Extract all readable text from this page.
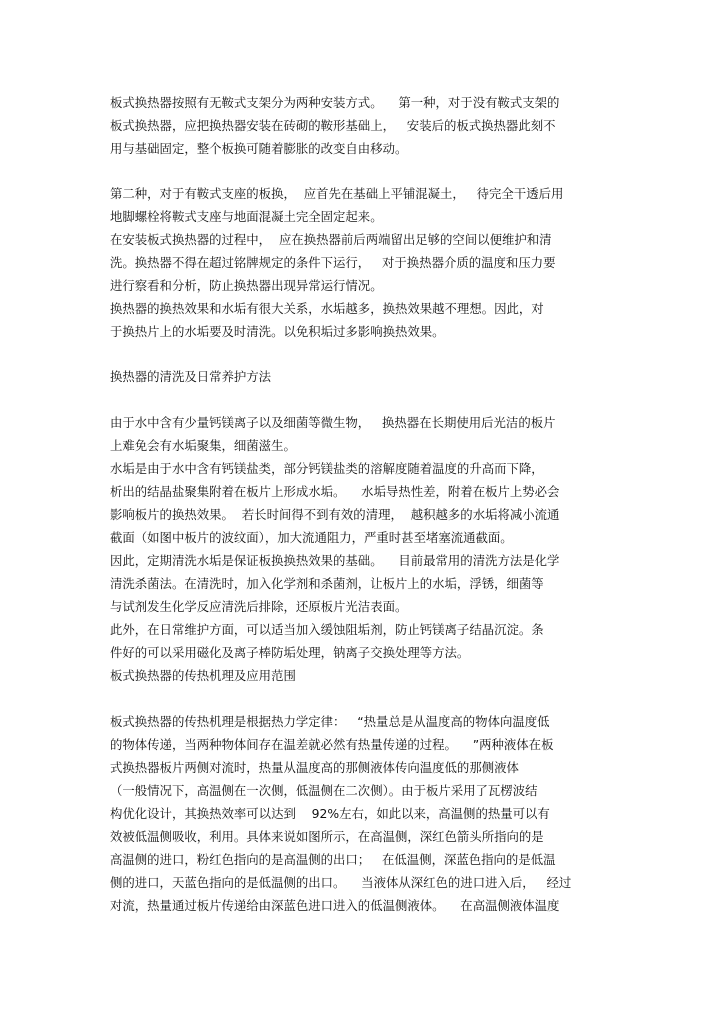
板式换热器按照有无鞍式支架分为两种安装方式。    第一种，对于没有鞍式支架的
板式换热器，应把换热器安装在砖砌的鞍形基础上，   安装后的板式换热器此刻不
用与基础固定，整个板换可随着膨胀的改变自由移动。
第二种，对于有鞍式支座的板换，  应首先在基础上平铺混凝土，   待完全干透后用
地脚螺栓将鞍式支座与地面混凝土完全固定起来。
在安装板式换热器的过程中，  应在换热器前后两端留出足够的空间以便维护和清
洗。换热器不得在超过铭牌规定的条件下运行，   对于换热器介质的温度和压力要
进行察看和分析，防止换热器出现异常运行情况。
换热器的换热效果和水垢有很大关系，水垢越多，换热效果越不理想。因此，对
于换热片上的水垢要及时清洗。以免积垢过多影响换热效果。
换热器的清洗及日常养护方法
由于水中含有少量钙镁离子以及细菌等微生物，   换热器在长期使用后光洁的板片
上难免会有水垢聚集，细菌滋生。
水垢是由于水中含有钙镁盐类，部分钙镁盐类的溶解度随着温度的升高而下降，
析出的结晶盐聚集附着在板片上形成水垢。    水垢导热性差，附着在板片上势必会
影响板片的换热效果。  若长时间得不到有效的清理，  越积越多的水垢将减小流通
截面（如图中板片的波纹面），加大流通阻力，严重时甚至堵塞流通截面。
因此，定期清洗水垢是保证板换换热效果的基础。    目前最常用的清洗方法是化学
清洗杀菌法。在清洗时，加入化学剂和杀菌剂，让板片上的水垢，浮锈，细菌等
与试剂发生化学反应清洗后排除，还原板片光洁表面。
此外，在日常维护方面，可以适当加入缓蚀阻垢剂，防止钙镁离子结晶沉淀。条
件好的可以采用磁化及离子棒防垢处理，钠离子交换处理等方法。
板式换热器的传热机理及应用范围
板式换热器的传热机理是根据热力学定律：   “热量总是从温度高的物体向温度低
的物体传递，当两种物体间存在温差就必然有热量传递的过程。    ”两种液体在板
式换热器板片两侧对流时，热量从温度高的那侧液体传向温度低的那侧液体
（一般情况下，高温侧在一次侧，低温侧在二次侧）。由于板片采用了瓦楞波结
构优化设计，其换热效率可以达到    92%左右，如此以来，高温侧的热量可以有
效被低温侧吸收，利用。具体来说如图所示，在高温侧，深红色箭头所指向的是
高温侧的进口，粉红色指向的是高温侧的出口；   在低温侧，深蓝色指向的是低温
侧的进口，天蓝色指向的是低温侧的出口。    当液体从深红色的进口进入后，   经过
对流，热量通过板片传递给由深蓝色进口进入的低温侧液体。    在高温侧液体温度
